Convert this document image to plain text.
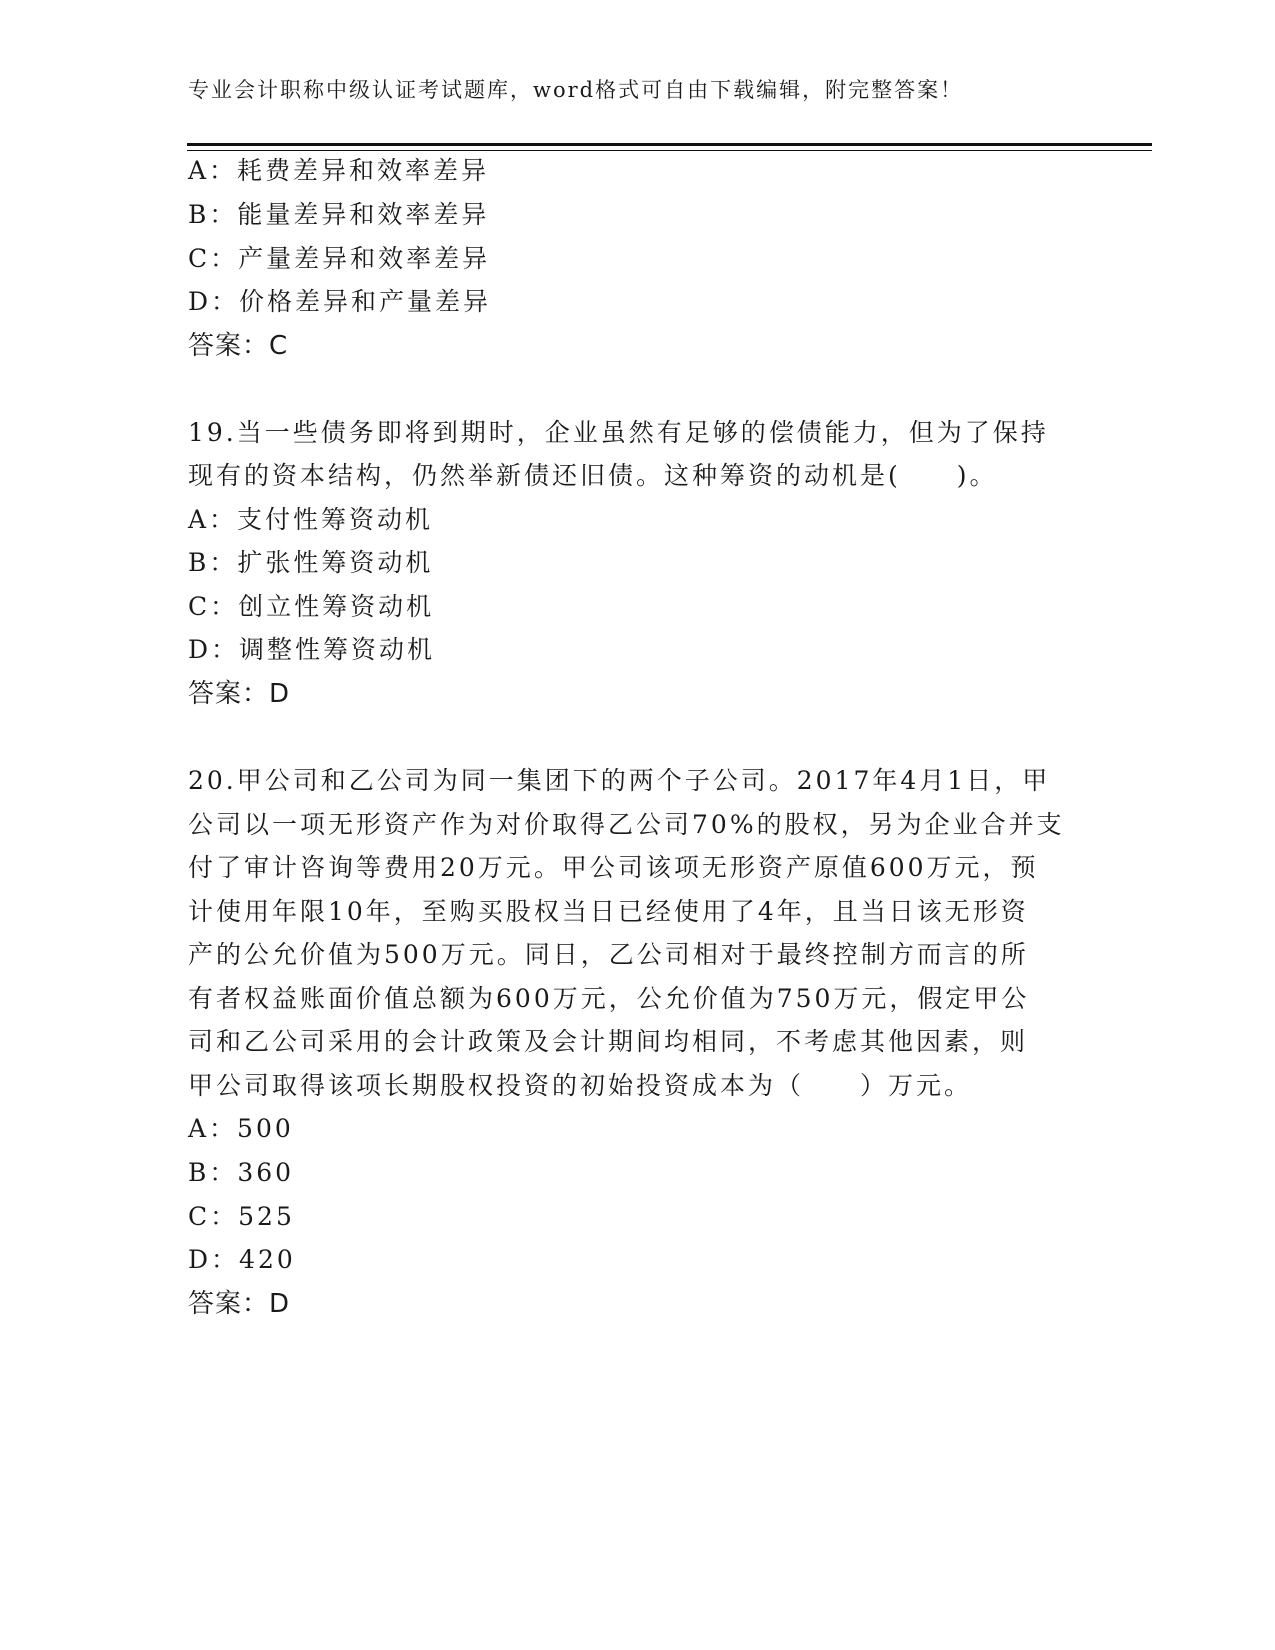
专业会计职称中级认证考试题库，word格式可自由下载编辑，附完整答案！
A：耗费差异和效率差异
B：能量差异和效率差异
C：产量差异和效率差异
D：价格差异和产量差异
答案：C
19.当一些债务即将到期时，企业虽然有足够的偿债能力，但为了保持
现有的资本结构，仍然举新债还旧债。这种筹资的动机是(　　)。
A：支付性筹资动机
B：扩张性筹资动机
C：创立性筹资动机
D：调整性筹资动机
答案：D
20.甲公司和乙公司为同一集团下的两个子公司。2017年4月1日，甲
公司以一项无形资产作为对价取得乙公司70%的股权，另为企业合并支
付了审计咨询等费用20万元。甲公司该项无形资产原值600万元，预
计使用年限10年，至购买股权当日已经使用了4年，且当日该无形资
产的公允价值为500万元。同日，乙公司相对于最终控制方而言的所
有者权益账面价值总额为600万元，公允价值为750万元，假定甲公
司和乙公司采用的会计政策及会计期间均相同，不考虑其他因素，则
甲公司取得该项长期股权投资的初始投资成本为（　　）万元。
A：500
B：360
C：525
D：420
答案：D
